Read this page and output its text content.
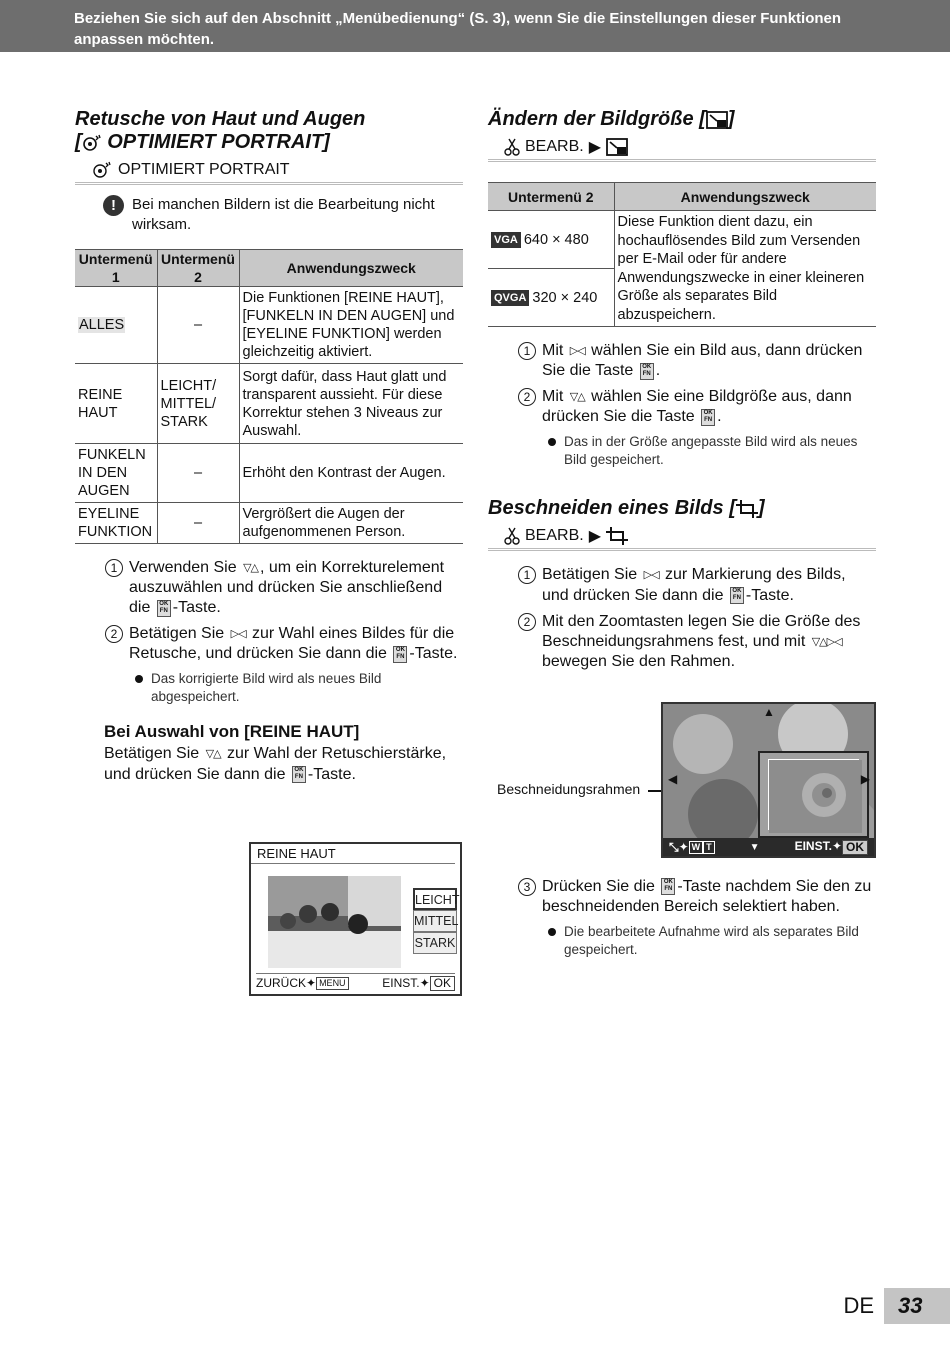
Beziehen Sie sich auf den Abschnitt „Menübedienung“ (S. 3), wenn Sie die Einstellungen dieser Funktionen anpassen möchten.
Retusche von Haut und Augen
[ OPTIMIERT PORTRAIT]
OPTIMIERT PORTRAIT
!	Bei manchen Bildern ist die Bearbeitung nicht wirksam.
Untermenü 1	Untermenü 2	Anwendungszweck
ALLES	–	Die Funktionen [REINE HAUT], [FUNKELN IN DEN AUGEN] und [EYELINE FUNKTION] werden gleichzeitig aktiviert.
REINE HAUT	LEICHT/ MITTEL/ STARK	Sorgt dafür, dass Haut glatt und transparent aussieht. Für diese Korrektur stehen 3 Niveaus zur Auswahl.
FUNKELN IN DEN AUGEN	–	Erhöht den Kontrast der Augen.
EYELINE FUNKTION	–	Vergrößert die Augen der aufgenommenen Person.
1 Verwenden Sie ▽△ , um ein Korrekturelement auszuwählen und drücken Sie anschließend die OK
FN -Taste.
2 Betätigen Sie ▷◁ zur Wahl eines Bildes für die Retusche, und drücken Sie dann die OK
FN -Taste.
Das korrigierte Bild wird als neues Bild abgespeichert.
Bei Auswahl von [REINE HAUT]
Betätigen Sie ▽△ zur Wahl der Retuschierstärke, und drücken Sie dann die OK
FN -Taste.
REINE HAUT
LEICHT
MITTEL
STARK
ZURÜCK✦ MENU	EINST.✦ OK
Ändern der Bildgröße [ ]
BEARB. ▶
Untermenü 2	Anwendungszweck
VGA 640 × 480	Diese Funktion dient dazu, ein hochauflösendes Bild zum Versenden per E-Mail oder für andere Anwendungszwecke in einer kleineren Größe als separates Bild abzuspeichern.
QVGA 320 × 240	
1 Mit ▷◁ wählen Sie ein Bild aus, dann drücken Sie die Taste OK
FN .
2 Mit ▽△ wählen Sie eine Bildgröße aus, dann drücken Sie die Taste OK
FN .
Das in der Größe angepasste Bild wird als neues Bild gespeichert.
Beschneiden eines Bilds [ ]
BEARB. ▶
1 Betätigen Sie ▷◁ zur Markierung des Bilds, und drücken Sie dann die OK
FN -Taste.
2 Mit den Zoomtasten legen Sie die Größe des Beschneidungsrahmens fest, und mit ▽△▷◁ bewegen Sie den Rahmen.
Beschneidungsrahmen
▲
◀	▶
⤡✦ W T	▼	EINST.✦ OK
3 Drücken Sie die OK
FN -Taste nachdem Sie den zu beschneidenden Bereich selektiert haben.
Die bearbeitete Aufnahme wird als separates Bild gespeichert.
DE	33
